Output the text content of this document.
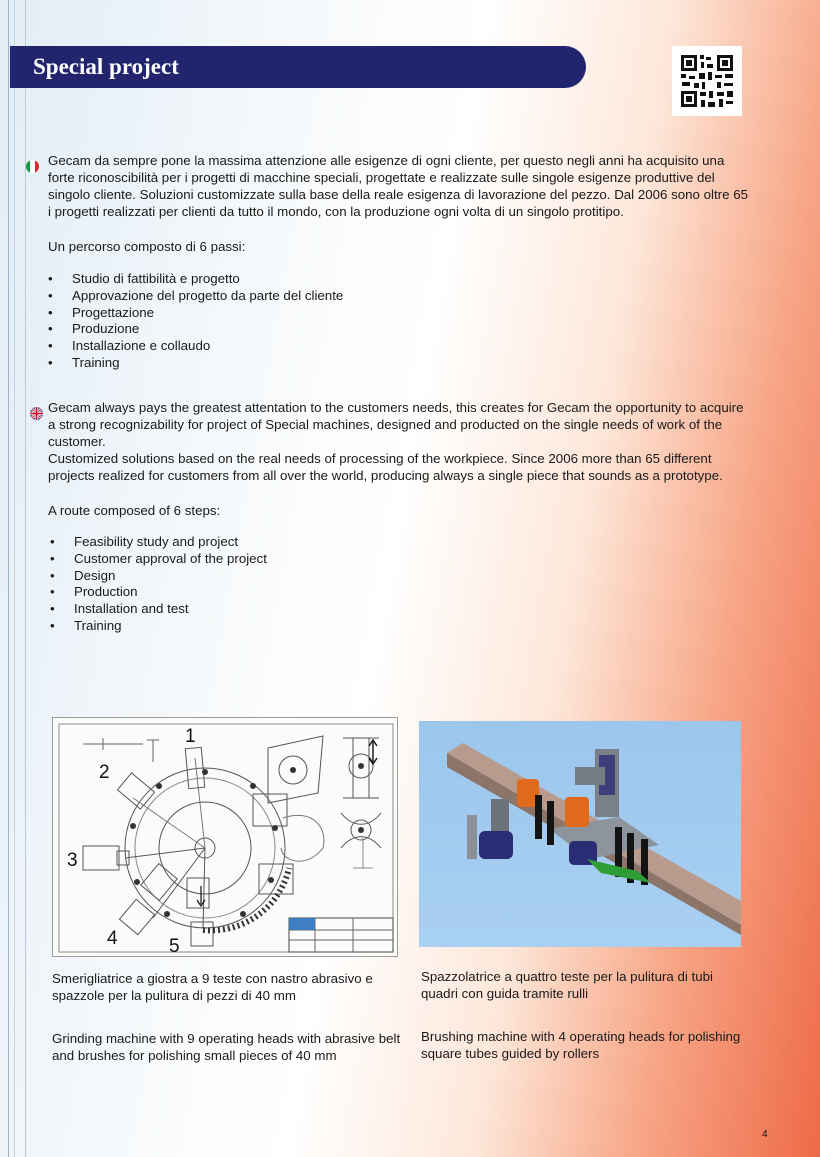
Special project

Gecam da sempre pone la massima attenzione alle esigenze di ogni cliente, per questo negli anni ha acquisito una forte riconoscibilità per i progetti di macchine speciali, progettate e realizzate sulle singole esigenze produttive del singolo cliente. Soluzioni customizzate sulla base della reale esigenza di lavorazione del pezzo. Dal 2006 sono oltre 65 i progetti realizzati per clienti da tutto il mondo, con la produzione ogni volta di un singolo protitipo.

Un percorso composto di 6 passi:

• Studio di fattibilità e progetto
• Approvazione del progetto da parte del cliente
• Progettazione
• Produzione
• Installazione e collaudo
• Training

Gecam always pays the greatest attentation to the customers needs, this creates for Gecam the opportunity to acquire a strong recognizability for project of Special machines, designed and producted on the single needs of work of the customer.

Customized solutions based on the real needs of processing of the workpiece. Since 2006 more than 65 different projects realized for customers from all over the world, producing always a single piece that sounds as a prototype.

A route composed of 6 steps:

• Feasibility study and project
• Customer approval of the project
• Design
• Production
• Installation and test
• Training
1
2
3
4	5

Smerigliatrice a giostra a 9 teste con nastro abrasivo e spazzole per la pulitura di pezzi di 40 mm

Grinding machine with 9 operating heads with abrasive belt and brushes for polishing small pieces of 40 mm

Spazzolatrice a quattro teste per la pulitura di tubi quadri con guida tramite rulli

Brushing machine with 4 operating heads for polishing square tubes guided by rollers

4
